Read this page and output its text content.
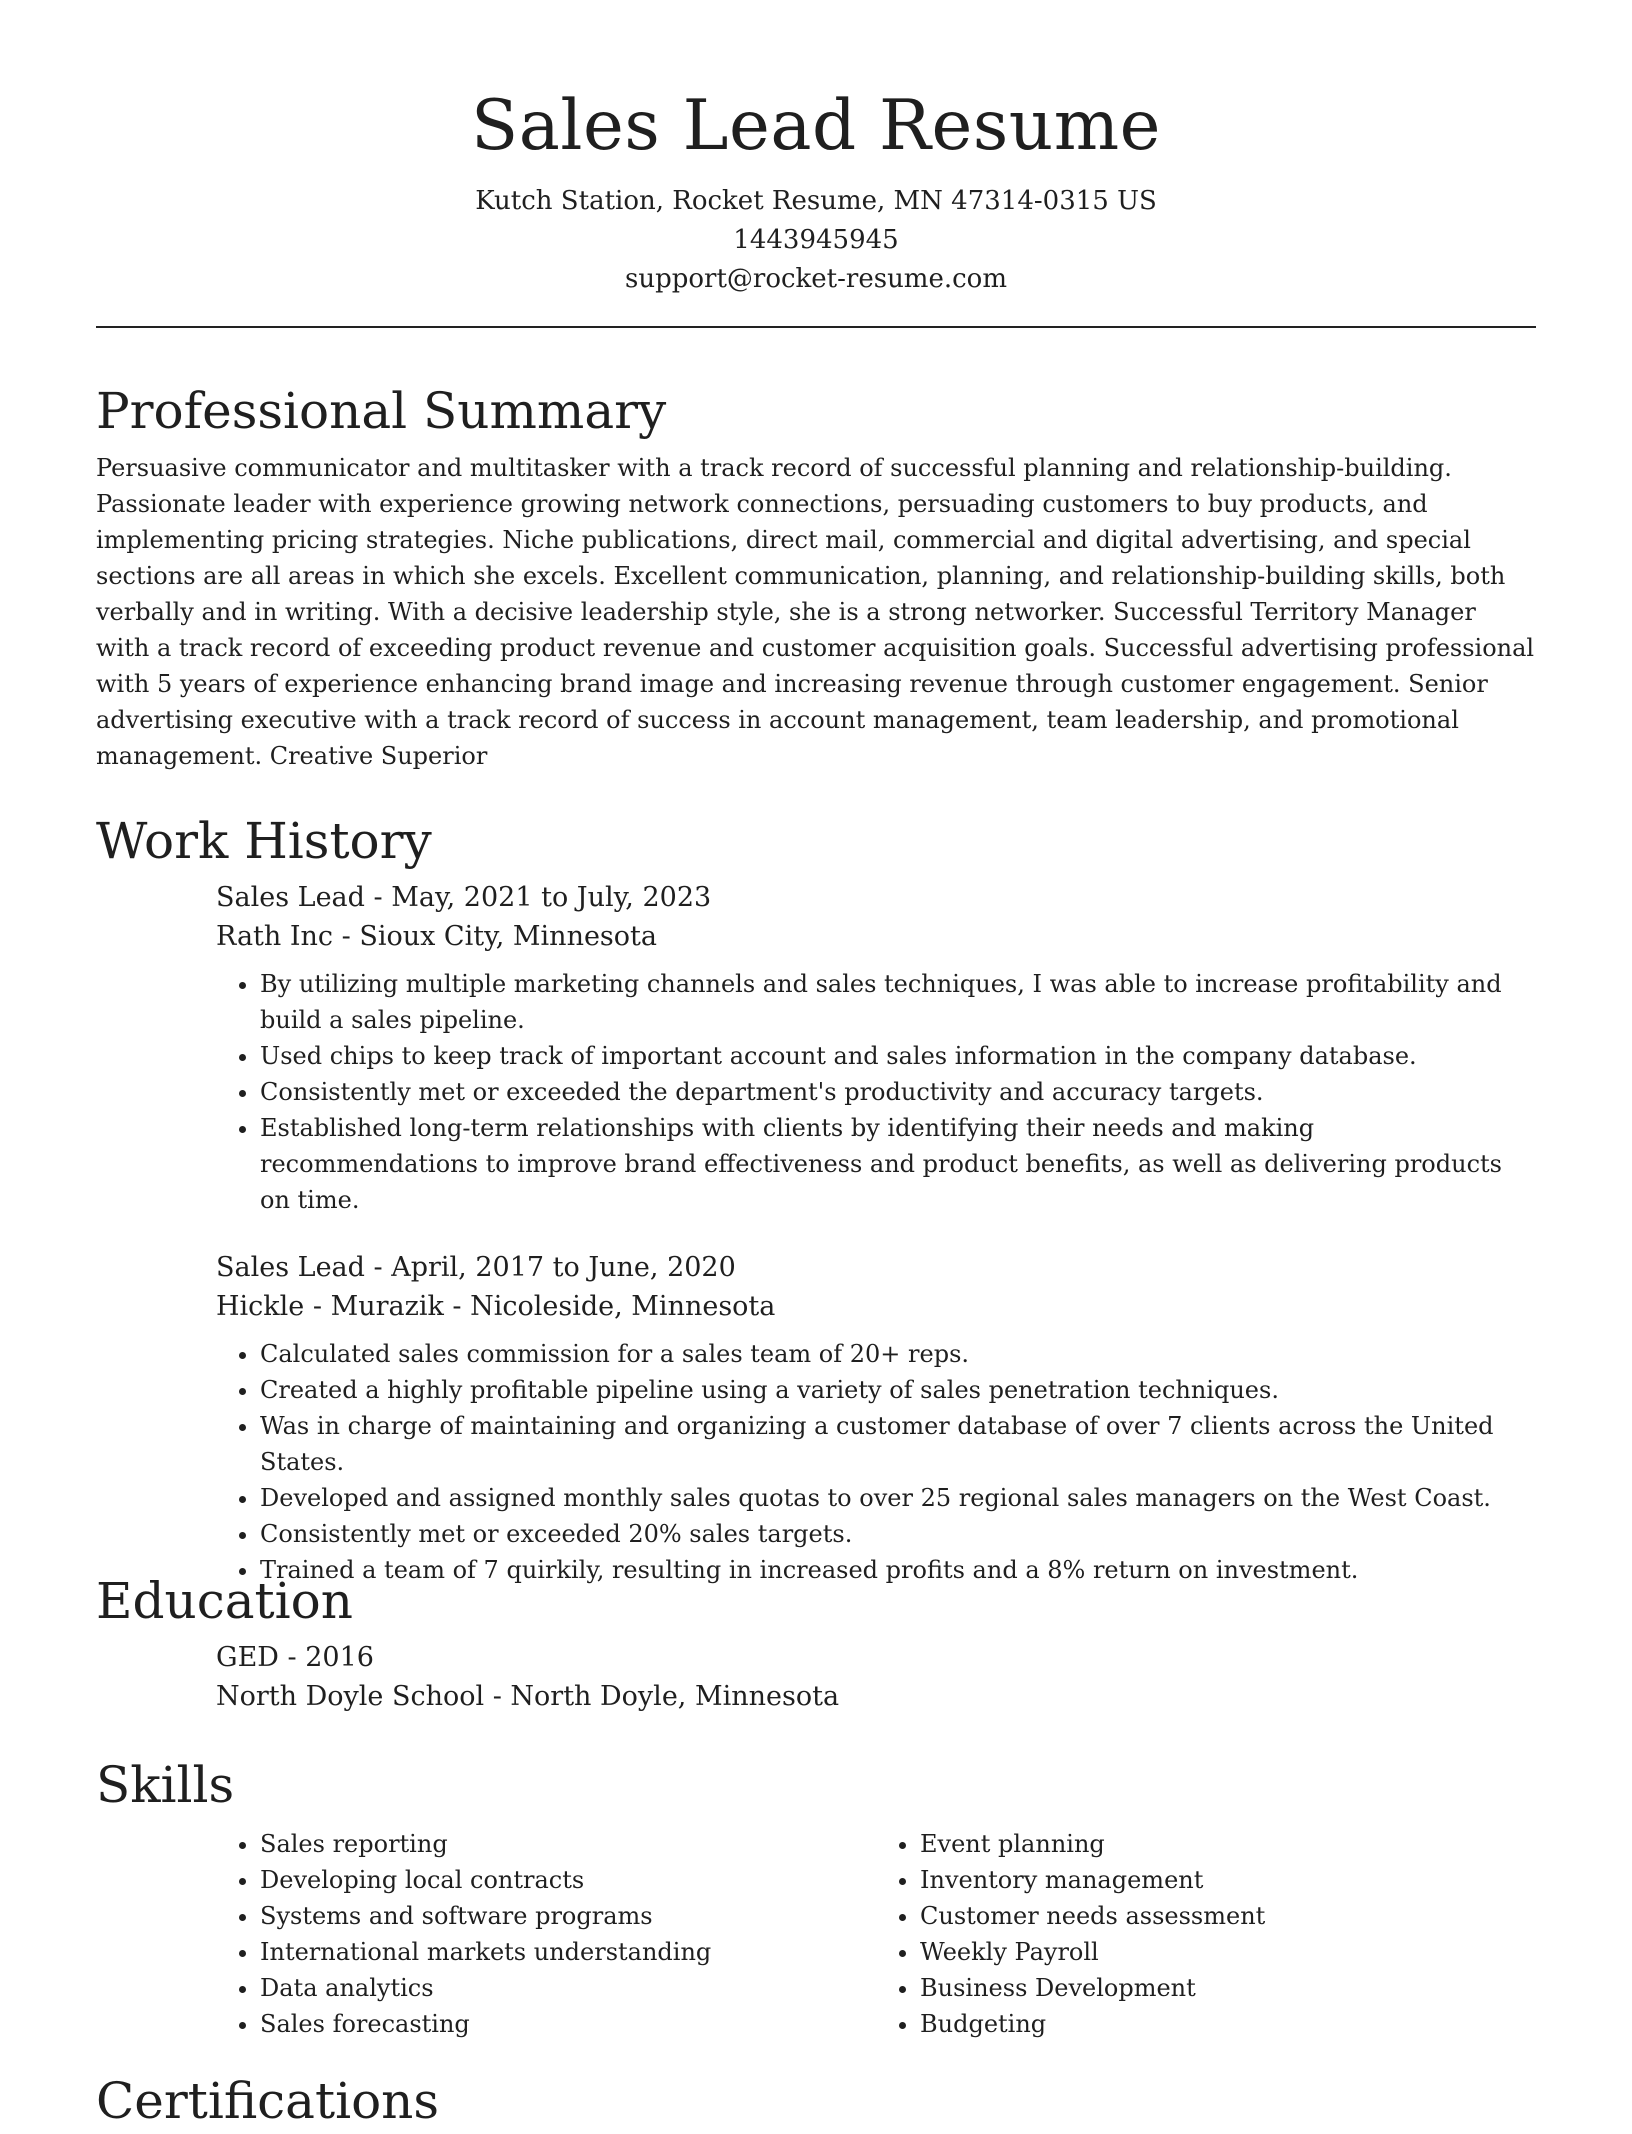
Sales Lead Resume
Kutch Station, Rocket Resume, MN 47314-0315 US
1443945945
support@rocket-resume.com
Professional Summary

Persuasive communicator and multitasker with a track record of successful planning and relationship-building. Passionate leader with experience growing network connections, persuading customers to buy products, and implementing pricing strategies. Niche publications, direct mail, commercial and digital advertising, and special sections are all areas in which she excels. Excellent communication, planning, and relationship-building skills, both verbally and in writing. With a decisive leadership style, she is a strong networker. Successful Territory Manager with a track record of exceeding product revenue and customer acquisition goals. Successful advertising professional with 5 years of experience enhancing brand image and increasing revenue through customer engagement. Senior advertising executive with a track record of success in account management, team leadership, and promotional management. Creative Superior

Work History
Sales Lead - May, 2021 to July, 2023
Rath Inc - Sioux City, Minnesota
• By utilizing multiple marketing channels and sales techniques, I was able to increase profitability and build a sales pipeline.
• Used chips to keep track of important account and sales information in the company database.
• Consistently met or exceeded the department's productivity and accuracy targets.
• Established long-term relationships with clients by identifying their needs and making recommendations to improve brand effectiveness and product benefits, as well as delivering products on time.
Sales Lead - April, 2017 to June, 2020
Hickle - Murazik - Nicoleside, Minnesota
• Calculated sales commission for a sales team of 20+ reps.
• Created a highly profitable pipeline using a variety of sales penetration techniques.
• Was in charge of maintaining and organizing a customer database of over 7 clients across the United States.
• Developed and assigned monthly sales quotas to over 25 regional sales managers on the West Coast.
• Consistently met or exceeded 20% sales targets.
• Trained a team of 7 quirkily, resulting in increased profits and a 8% return on investment.
Education
GED - 2016
North Doyle School - North Doyle, Minnesota
Skills
• Sales reporting
• Developing local contracts
• Systems and software programs
• International markets understanding
• Data analytics
• Sales forecasting
• Event planning
• Inventory management
• Customer needs assessment
• Weekly Payroll
• Business Development
• Budgeting
Certifications
